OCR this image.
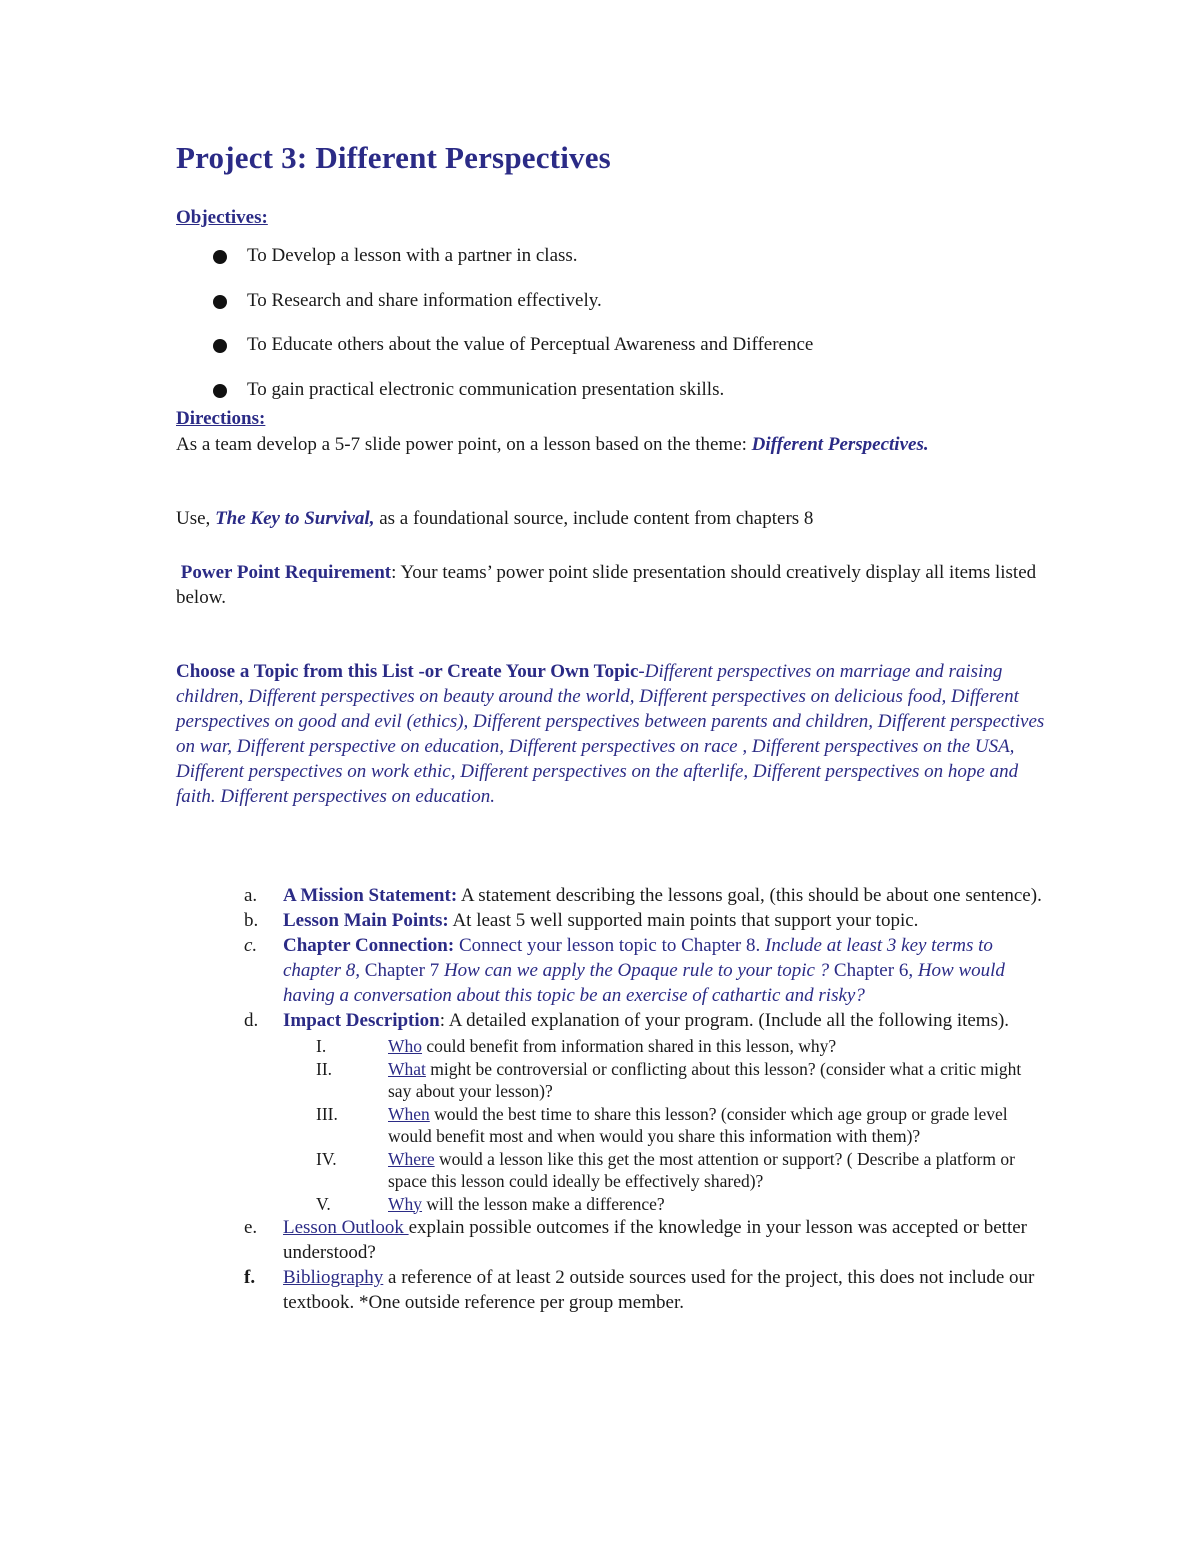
Project 3: Different Perspectives
Objectives:
To Develop a lesson with a partner in class.
To Research and share information effectively.
To Educate others about the value of Perceptual Awareness and Difference
To gain practical electronic communication presentation skills.
Directions:
As a team develop a 5-7 slide power point, on a lesson based on the theme: Different Perspectives.
Use, The Key to Survival, as a foundational source, include content from chapters 8
Power Point Requirement: Your teams’ power point slide presentation should creatively display all items listed below.
Choose a Topic from this List -or Create Your Own Topic-Different perspectives on marriage and raising children, Different perspectives on beauty around the world, Different perspectives on delicious food, Different perspectives on good and evil (ethics), Different perspectives between parents and children, Different perspectives on war, Different perspective on education, Different perspectives on race , Different perspectives on the USA, Different perspectives on work ethic, Different perspectives on the afterlife, Different perspectives on hope and faith. Different perspectives on education.
a.	A Mission Statement: A statement describing the lessons goal, (this should be about one sentence).
b.	Lesson Main Points: At least 5 well supported main points that support your topic.
c.	Chapter Connection: Connect your lesson topic to Chapter 8. Include at least 3 key terms to chapter 8, Chapter 7 How can we apply the Opaque rule to your topic ? Chapter 6, How would having a conversation about this topic be an exercise of cathartic and risky?
d.	Impact Description: A detailed explanation of your program. (Include all the following items).
I.	Who could benefit from information shared in this lesson, why?
II.	What might be controversial or conflicting about this lesson? (consider what a critic might say about your lesson)?
III.	When would the best time to share this lesson? (consider which age group or grade level would benefit most and when would you share this information with them)?
IV.	Where would a lesson like this get the most attention or support? ( Describe a platform or space this lesson could ideally be effectively shared)?
V.	Why will the lesson make a difference?
e.	Lesson Outlook explain possible outcomes if the knowledge in your lesson was accepted or better understood?
f.	Bibliography a reference of at least 2 outside sources used for the project, this does not include our textbook. *One outside reference per group member.
